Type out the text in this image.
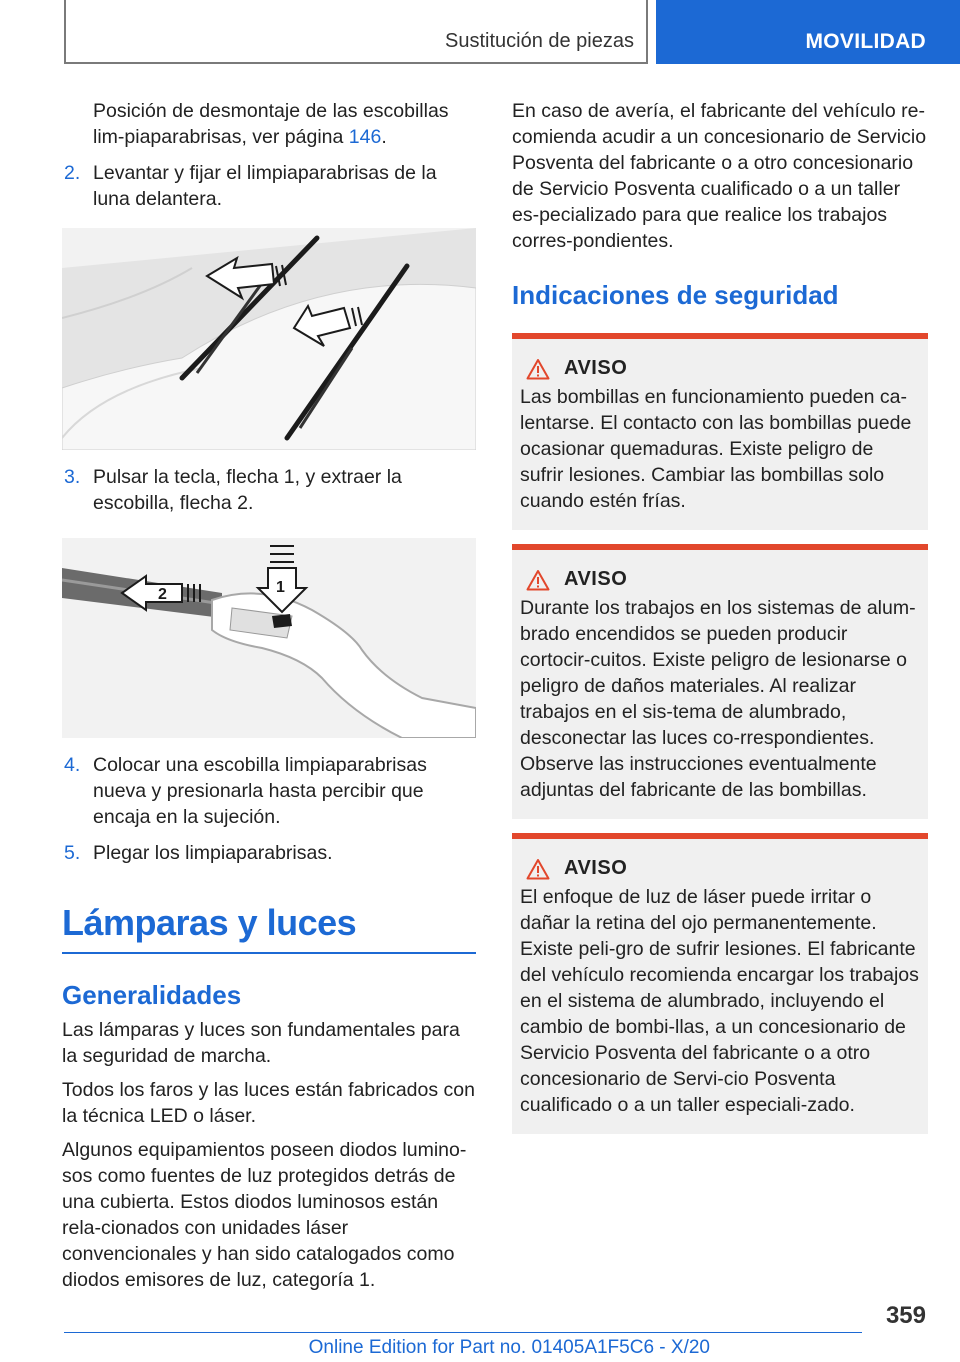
Sustitución de piezas	MOVILIDAD

Posición de desmontaje de las escobillas lim-piaparabrisas, ver página 146.

2. Levantar y fijar el limpiaparabrisas de la luna delantera.
3. Pulsar la tecla, flecha 1, y extraer la escobilla, flecha 2.
2	1
4. Colocar una escobilla limpiaparabrisas nueva y presionarla hasta percibir que encaja en la sujeción.
5. Plegar los limpiaparabrisas.
Lámparas y luces
Generalidades

Las lámparas y luces son fundamentales para la seguridad de marcha.

Todos los faros y las luces están fabricados con la técnica LED o láser.

Algunos equipamientos poseen diodos lumino-sos como fuentes de luz protegidos detrás de una cubierta. Estos diodos luminosos están rela-cionados con unidades láser convencionales y han sido catalogados como diodos emisores de luz, categoría 1.

En caso de avería, el fabricante del vehículo re-comienda acudir a un concesionario de Servicio Posventa del fabricante o a otro concesionario de Servicio Posventa cualificado o a un taller es-pecializado para que realice los trabajos corres-pondientes.

Indicaciones de seguridad
AVISO

Las bombillas en funcionamiento pueden ca-lentarse. El contacto con las bombillas puede ocasionar quemaduras. Existe peligro de sufrir lesiones. Cambiar las bombillas solo cuando estén frías.

AVISO

Durante los trabajos en los sistemas de alum-brado encendidos se pueden producir cortocir-cuitos. Existe peligro de lesionarse o peligro de daños materiales. Al realizar trabajos en el sis-tema de alumbrado, desconectar las luces co-rrespondientes. Observe las instrucciones eventualmente adjuntas del fabricante de las bombillas.

AVISO

El enfoque de luz de láser puede irritar o dañar la retina del ojo permanentemente. Existe peli-gro de sufrir lesiones. El fabricante del vehículo recomienda encargar los trabajos en el sistema de alumbrado, incluyendo el cambio de bombi-llas, a un concesionario de Servicio Posventa del fabricante o a otro concesionario de Servi-cio Posventa cualificado o a un taller especiali-zado.

359
Online Edition for Part no. 01405A1F5C6 - X/20
